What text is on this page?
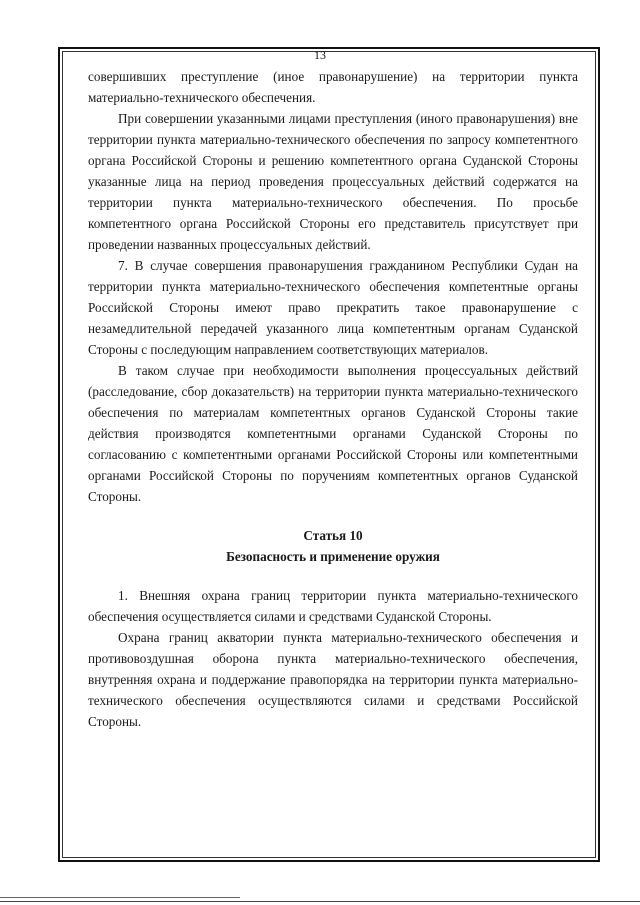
13

совершивших преступление (иное правонарушение) на территории пункта материально-технического обеспечения.

При совершении указанными лицами преступления (иного правонарушения) вне территории пункта материально-технического обеспечения по запросу компетентного органа Российской Стороны и решению компетентного органа Суданской Стороны указанные лица на период проведения процессуальных действий содержатся на территории пункта материально-технического обеспечения. По просьбе компетентного органа Российской Стороны его представитель присутствует при проведении названных процессуальных действий.

7. В случае совершения правонарушения гражданином Республики Судан на территории пункта материально-технического обеспечения компетентные органы Российской Стороны имеют право прекратить такое правонарушение с незамедлительной передачей указанного лица компетентным органам Суданской Стороны с последующим направлением соответствующих материалов.

В таком случае при необходимости выполнения процессуальных действий (расследование, сбор доказательств) на территории пункта материально-технического обеспечения по материалам компетентных органов Суданской Стороны такие действия производятся компетентными органами Суданской Стороны по согласованию с компетентными органами Российской Стороны или компетентными органами Российской Стороны по поручениям компетентных органов Суданской Стороны.

Статья 10

Безопасность и применение оружия

1. Внешняя охрана границ территории пункта материально-технического обеспечения осуществляется силами и средствами Суданской Стороны.

Охрана границ акватории пункта материально-технического обеспечения и противовоздушная оборона пункта материально-технического обеспечения, внутренняя охрана и поддержание правопорядка на территории пункта материально-технического обеспечения осуществляются силами и средствами Российской Стороны.
